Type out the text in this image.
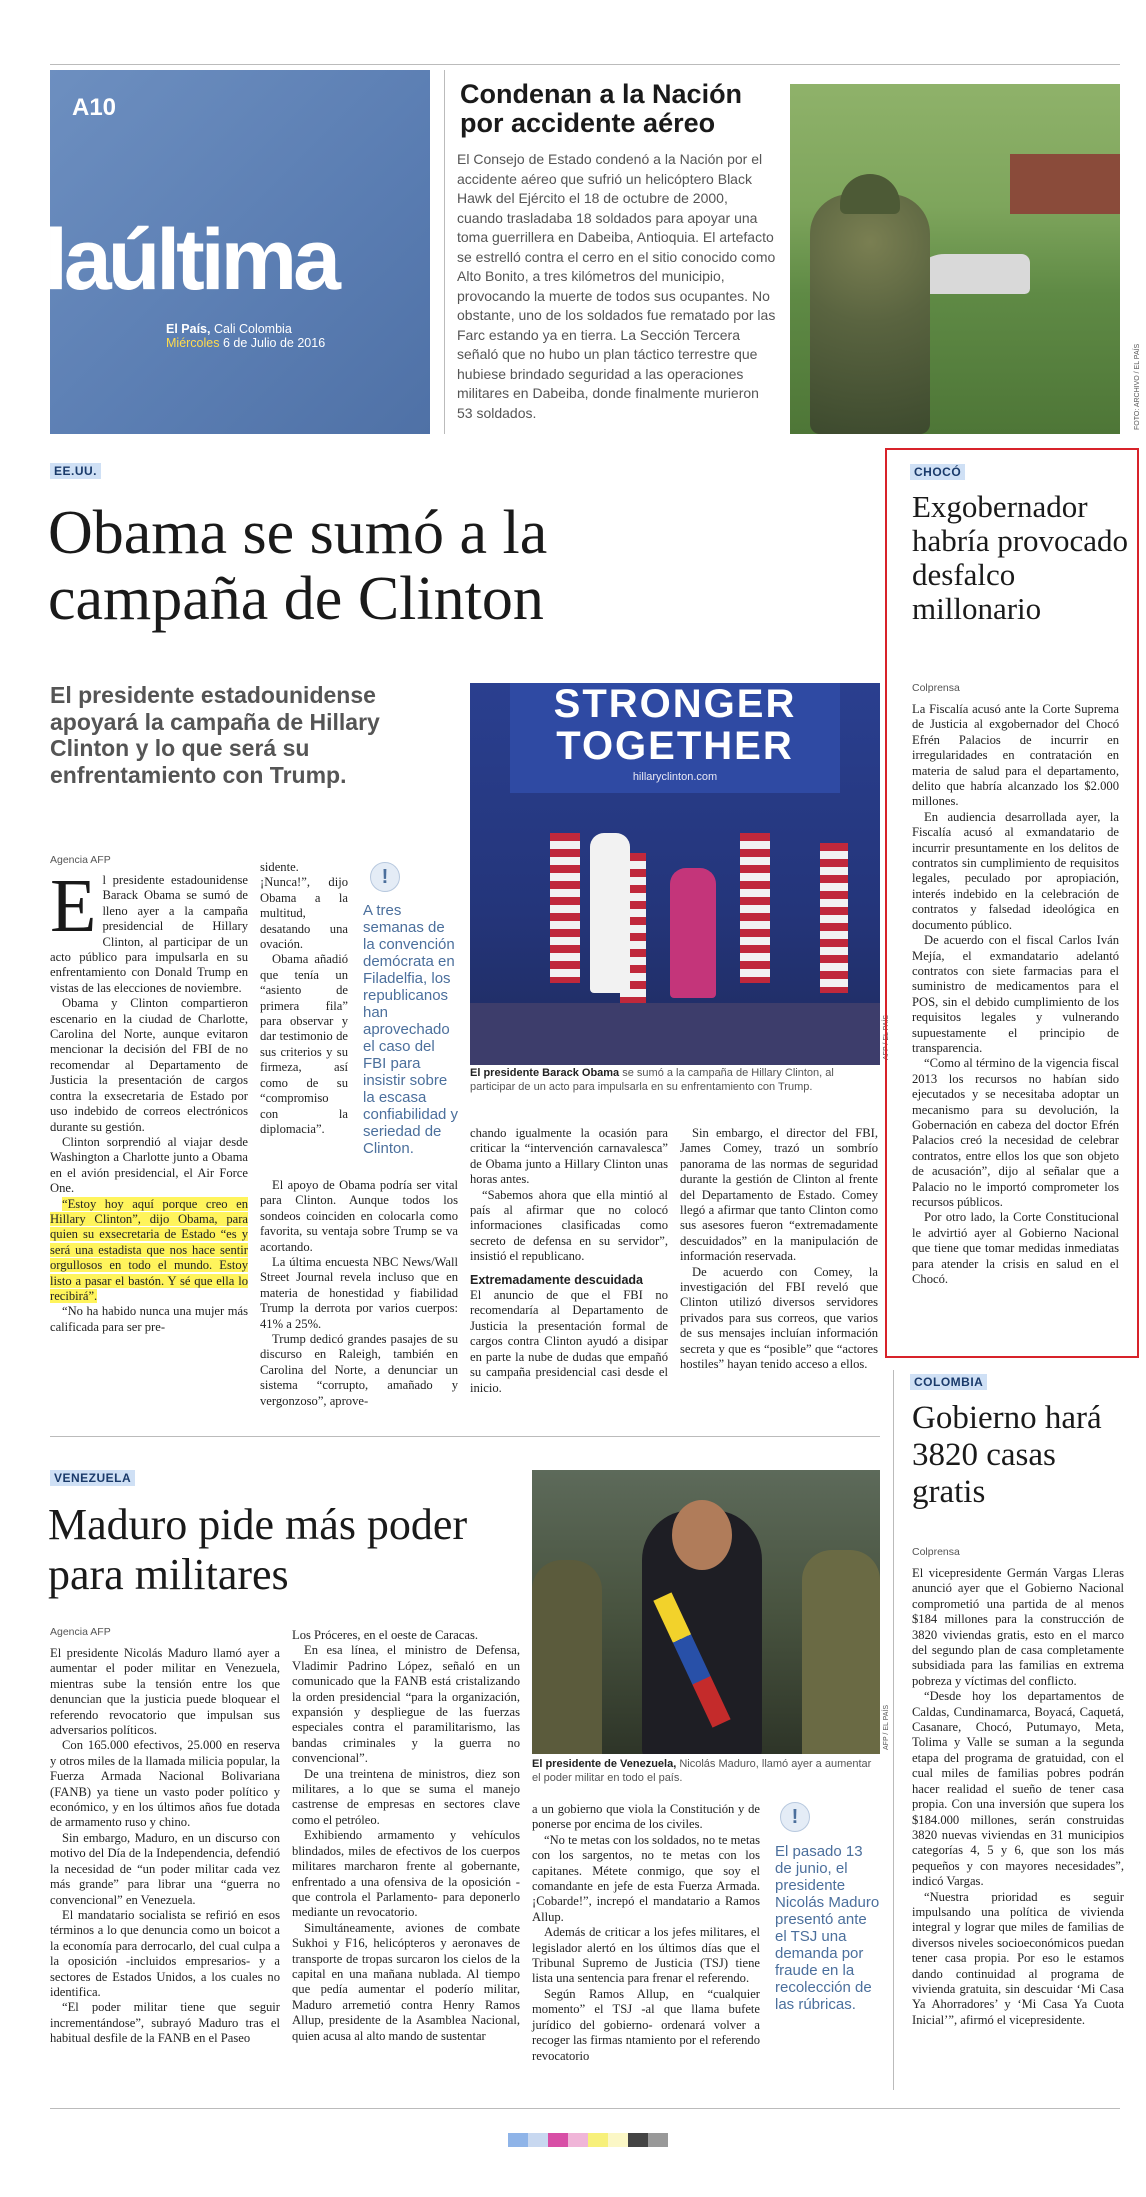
A10
laúltima
El País, Cali Colombia
Miércoles 6 de Julio de 2016
Condenan a la Nación por accidente aéreo
El Consejo de Estado condenó a la Nación por el accidente aéreo que sufrió un helicóptero Black Hawk del Ejército el 18 de octubre de 2000, cuando trasladaba 18 soldados para apoyar una toma guerrillera en Dabeiba, Antioquia. El artefacto se estrelló contra el cerro en el sitio conocido como Alto Bonito, a tres kilómetros del municipio, provocando la muerte de todos sus ocupantes. No obstante, uno de los soldados fue rematado por las Farc estando ya en tierra. La Sección Tercera señaló que no hubo un plan táctico terrestre que hubiese brindado seguridad a las operaciones militares en Dabeiba, donde finalmente murieron 53 soldados.	FOTO: ARCHIVO / EL PAÍS
EE.UU.
Obama se sumó a la campaña de Clinton
El presidente estadounidense apoyará la campaña de Hillary Clinton y lo que será su enfrentamiento con Trump.
Agencia AFP
E l presidente estadounidense Barack Obama se sumó de lleno ayer a la campaña presidencial de Hillary Clinton, al participar de un acto público para impulsarla en su enfrentamiento con Donald Trump en vistas de las elecciones de noviembre.

Obama y Clinton compartieron escenario en la ciudad de Charlotte, Carolina del Norte, aunque evitaron mencionar la decisión del FBI de no recomendar al Departamento de Justicia la presentación de cargos contra la exsecretaria de Estado por uso indebido de correos electrónicos durante su gestión.

Clinton sorprendió al viajar desde Washington a Charlotte junto a Obama en el avión presidencial, el Air Force One.

“Estoy hoy aquí porque creo en Hillary Clinton”, dijo Obama, para quien su exsecretaria de Estado “es y será una estadista que nos hace sentir orgullosos en todo el mundo. Estoy listo a pasar el bastón. Y sé que ella lo recibirá”.

“No ha habido nunca una mujer más calificada para ser pre-

sidente. ¡Nunca!”, dijo Obama a la multitud, desatando una ovación.

Obama añadió que tenía un “asiento de primera fila” para observar y dar testimonio de sus criterios y su firmeza, así como de su “compromiso con la diplomacia”.

El apoyo de Obama podría ser vital para Clinton. Aunque todos los sondeos coinciden en colocarla como favorita, su ventaja sobre Trump se va acortando.

La última encuesta NBC News/Wall Street Journal revela incluso que en materia de honestidad y fiabilidad Trump la derrota por varios cuerpos: 41% a 25%.

Trump dedicó grandes pasajes de su discurso en Raleigh, también en Carolina del Norte, a denunciar un sistema “corrupto, amañado y vergonzoso”, aprove-

!
A tres semanas de la convención demócrata en Filadelfia, los republicanos han aprovechado el caso del FBI para insistir sobre la escasa confiabilidad y seriedad de Clinton.
STRONGER
TOGETHER
hillaryclinton.com
AFP / EL PAÍS
El presidente Barack Obama se sumó a la campaña de Hillary Clinton, al participar de un acto para impulsarla en su enfrentamiento con Trump.

chando igualmente la ocasión para criticar la “intervención carnavalesca” de Obama junto a Hillary Clinton unas horas antes.

“Sabemos ahora que ella mintió al país al afirmar que no colocó informaciones clasificadas como secreto de defensa en su servidor”, insistió el republicano.

Extremadamente descuidada

El anuncio de que el FBI no recomendaría al Departamento de Justicia la presentación formal de cargos contra Clinton ayudó a disipar en parte la nube de dudas que empañó su campaña presidencial casi desde el inicio.

Sin embargo, el director del FBI, James Comey, trazó un sombrío panorama de las normas de seguridad durante la gestión de Clinton al frente del Departamento de Estado. Comey llegó a afirmar que tanto Clinton como sus asesores fueron “extremadamente descuidados” en la manipulación de información reservada.

De acuerdo con Comey, la investigación del FBI reveló que Clinton utilizó diversos servidores privados para sus correos, que varios de sus mensajes incluían información secreta y que es “posible” que “actores hostiles” hayan tenido acceso a ellos.

CHOCÓ
Exgobernador habría provocado desfalco millonario
Colprensa

La Fiscalía acusó ante la Corte Suprema de Justicia al exgobernador del Chocó Efrén Palacios de incurrir en irregularidades en contratación en materia de salud para el departamento, delito que habría alcanzado los $2.000 millones.

En audiencia desarrollada ayer, la Fiscalía acusó al exmandatario de incurrir presuntamente en los delitos de contratos sin cumplimiento de requisitos legales, peculado por apropiación, interés indebido en la celebración de contratos y falsedad ideológica en documento público.

De acuerdo con el fiscal Carlos Iván Mejía, el exmandatario adelantó contratos con siete farmacias para el suministro de medicamentos para el POS, sin el debido cumplimiento de los requisitos legales y vulnerando supuestamente el principio de transparencia.

“Como al término de la vigencia fiscal 2013 los recursos no habían sido ejecutados y se necesitaba adoptar un mecanismo para su devolución, la Gobernación en cabeza del doctor Efrén Palacios creó la necesidad de celebrar contratos, entre ellos los que son objeto de acusación”, dijo al señalar que a Palacio no le importó comprometer los recursos públicos.

Por otro lado, la Corte Constitucional le advirtió ayer al Gobierno Nacional que tiene que tomar medidas inmediatas para atender la crisis en salud en el Chocó.

VENEZUELA
Maduro pide más poder para militares
Agencia AFP

El presidente Nicolás Maduro llamó ayer a aumentar el poder militar en Venezuela, mientras sube la tensión entre los que denuncian que la justicia puede bloquear el referendo revocatorio que impulsan sus adversarios políticos.

Con 165.000 efectivos, 25.000 en reserva y otros miles de la llamada milicia popular, la Fuerza Armada Nacional Bolivariana (FANB) ya tiene un vasto poder político y económico, y en los últimos años fue dotada de armamento ruso y chino.

Sin embargo, Maduro, en un discurso con motivo del Día de la Independencia, defendió la necesidad de “un poder militar cada vez más grande” para librar una “guerra no convencional” en Venezuela.

El mandatario socialista se refirió en esos términos a lo que denuncia como un boicot a la economía para derrocarlo, del cual culpa a la oposición -incluidos empresarios- y a sectores de Estados Unidos, a los cuales no identifica.

“El poder militar tiene que seguir incrementándose”, subrayó Maduro tras el habitual desfile de la FANB en el Paseo

Los Próceres, en el oeste de Caracas.

En esa línea, el ministro de Defensa, Vladimir Padrino López, señaló en un comunicado que la FANB está cristalizando la orden presidencial “para la organización, expansión y despliegue de las fuerzas especiales contra el paramilitarismo, las bandas criminales y la guerra no convencional”.

De una treintena de ministros, diez son militares, a lo que se suma el manejo castrense de empresas en sectores clave como el petróleo.

Exhibiendo armamento y vehículos blindados, miles de efectivos de los cuerpos militares marcharon frente al gobernante, enfrentado a una ofensiva de la oposición -que controla el Parlamento- para deponerlo mediante un revocatorio.

Simultáneamente, aviones de combate Sukhoi y F16, helicópteros y aeronaves de transporte de tropas surcaron los cielos de la capital en una mañana nublada. Al tiempo que pedía aumentar el poderío militar, Maduro arremetió contra Henry Ramos Allup, presidente de la Asamblea Nacional, quien acusa al alto mando de sustentar

AFP / EL PAÍS
El presidente de Venezuela, Nicolás Maduro, llamó ayer a aumentar el poder militar en todo el país.

a un gobierno que viola la Constitución y de ponerse por encima de los civiles.

“No te metas con los soldados, no te metas con los sargentos, no te metas con los capitanes. Métete conmigo, que soy el comandante en jefe de esta Fuerza Armada. ¡Cobarde!”, increpó el mandatario a Ramos Allup.

Además de criticar a los jefes militares, el legislador alertó en los últimos días que el Tribunal Supremo de Justicia (TSJ) tiene lista una sentencia para frenar el referendo.

Según Ramos Allup, en “cualquier momento” el TSJ -al que llama bufete jurídico del gobierno- ordenará volver a recoger las firmas ntamiento por el referendo revocatorio

!
El pasado 13 de junio, el presidente Nicolás Maduro presentó ante el TSJ una demanda por fraude en la recolección de las rúbricas.
COLOMBIA
Gobierno hará 3820 casas gratis
Colprensa

El vicepresidente Germán Vargas Lleras anunció ayer que el Gobierno Nacional comprometió una partida de al menos $184 millones para la construcción de 3820 viviendas gratis, esto en el marco del segundo plan de casa completamente subsidiada para las familias en extrema pobreza y víctimas del conflicto.

“Desde hoy los departamentos de Caldas, Cundinamarca, Boyacá, Caquetá, Casanare, Chocó, Putumayo, Meta, Tolima y Valle se suman a la segunda etapa del programa de gratuidad, con el cual miles de familias pobres podrán hacer realidad el sueño de tener casa propia. Con una inversión que supera los $184.000 millones, serán construidas 3820 nuevas viviendas en 31 municipios categorías 4, 5 y 6, que son los más pequeños y con mayores necesidades”, indicó Vargas.

“Nuestra prioridad es seguir impulsando una política de vivienda integral y lograr que miles de familias de diversos niveles socioeconómicos puedan tener casa propia. Por eso le estamos dando continuidad al programa de vivienda gratuita, sin descuidar ‘Mi Casa Ya Ahorradores’ y ‘Mi Casa Ya Cuota Inicial’”, afirmó el vicepresidente.
